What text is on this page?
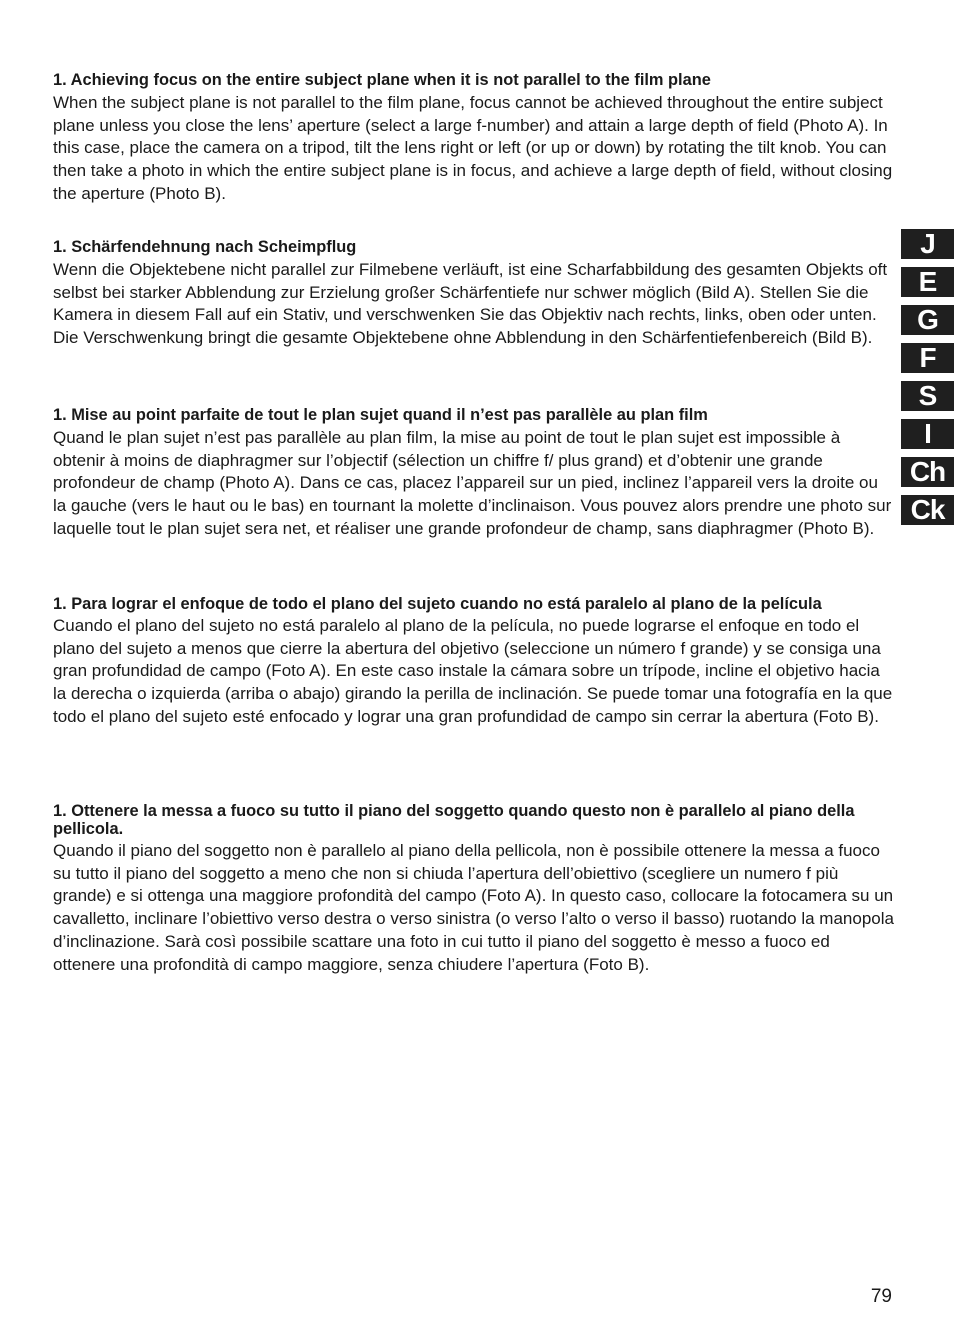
1. Achieving focus on the entire subject plane when it is not parallel to the film plane

When the subject plane is not parallel to the film plane, focus cannot be achieved throughout the entire subject plane unless you close the lens’ aperture (select a large f-number) and attain a large depth of field (Photo A). In this case, place the camera on a tripod, tilt the lens right or left (or up or down) by rotating the tilt knob. You can then take a photo in which the entire subject plane is in focus, and achieve a large depth of field, without closing the aperture (Photo B).

1. Schärfendehnung nach Scheimpflug

Wenn die Objektebene nicht parallel zur Filmebene verläuft, ist eine Scharfabbildung des gesamten Objekts oft selbst bei starker Abblendung zur Erzielung großer Schärfentiefe nur schwer möglich (Bild A). Stellen Sie die Kamera in diesem Fall auf ein Stativ, und verschwenken Sie das Objektiv nach rechts, links, oben oder unten. Die Verschwenkung bringt die gesamte Objektebene ohne Abblendung in den Schärfentiefenbereich (Bild B).

1. Mise au point parfaite de tout le plan sujet quand il n’est pas parallèle au plan film

Quand le plan sujet n’est pas parallèle au plan film, la mise au point de tout le plan sujet est impossible à obtenir à moins de diaphragmer sur l’objectif (sélection un chiffre f/ plus grand) et d’obtenir une grande profondeur de champ (Photo A). Dans ce cas, placez l’appareil sur un pied, inclinez l’appareil vers la droite ou la gauche (vers le haut ou le bas) en tournant la molette d’inclinaison. Vous pouvez alors prendre une photo sur laquelle tout le plan sujet sera net, et réaliser une grande profondeur de champ, sans diaphragmer (Photo B).

1. Para lograr el enfoque de todo el plano del sujeto cuando no está paralelo al plano de la película

Cuando el plano del sujeto no está paralelo al plano de la película, no puede lograrse el enfoque en todo el plano del sujeto a menos que cierre la abertura del objetivo (seleccione un número f grande) y se consiga una gran profundidad de campo (Foto A). En este caso instale la cámara sobre un trípode, incline el objetivo hacia la derecha o izquierda (arriba o abajo) girando la perilla de inclinación. Se puede tomar una fotografía en la que todo el plano del sujeto esté enfocado y lograr una gran profundidad de campo sin cerrar la abertura (Foto B).

1. Ottenere la messa a fuoco su tutto il piano del soggetto quando questo non è parallelo al piano della pellicola.

Quando il piano del soggetto non è parallelo al piano della pellicola, non è possibile ottenere la messa a fuoco su tutto il piano del soggetto a meno che non si chiuda l’apertura dell’obiettivo (scegliere un numero f più grande) e si ottenga una maggiore profondità del campo (Foto A). In questo caso, collocare la fotocamera su un cavalletto, inclinare l’obiettivo verso destra o verso sinistra (o verso l’alto o verso il basso) ruotando la manopola d’inclinazione. Sarà così possibile scattare una foto in cui tutto il piano del soggetto è messo a fuoco ed ottenere una profondità di campo maggiore, senza chiudere l’apertura (Foto B).

J
E
G
F
S
I
Ch
Ck
79
